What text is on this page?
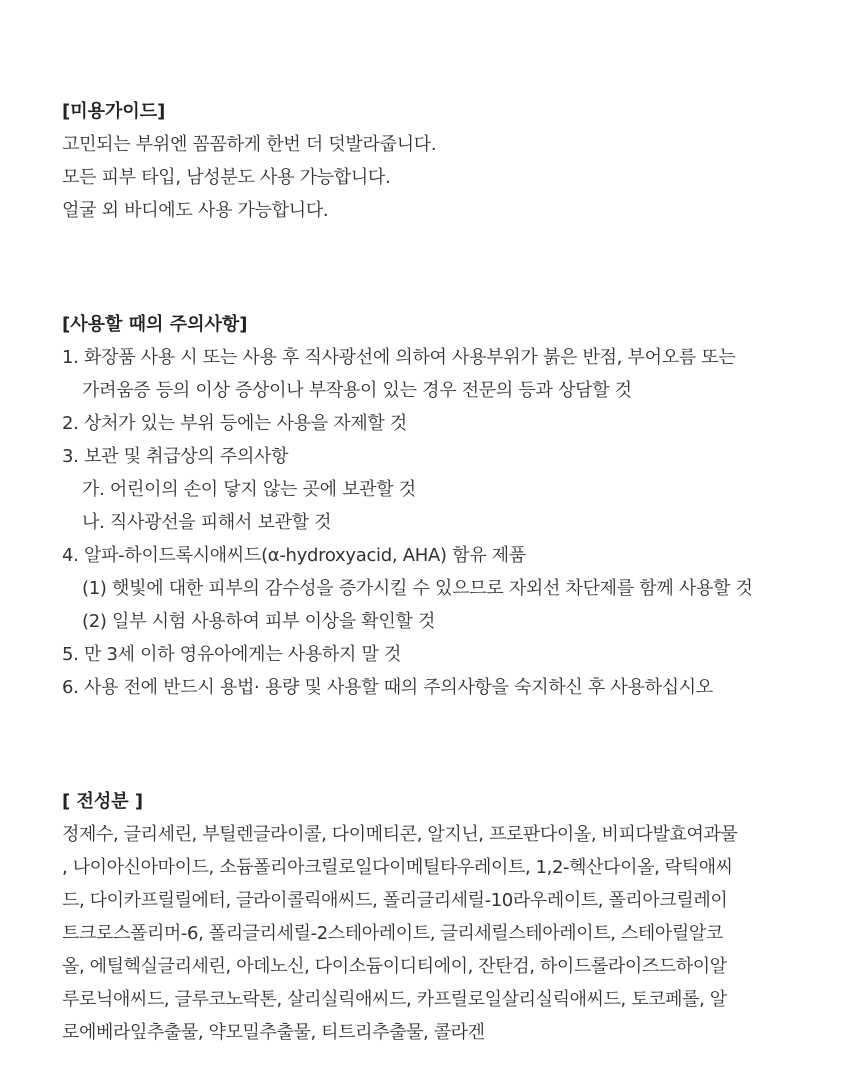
[미용가이드]
고민되는 부위엔 꼼꼼하게 한번 더 덧발라줍니다.
모든 피부 타입, 남성분도 사용 가능합니다.
얼굴 외 바디에도 사용 가능합니다.
[사용할 때의 주의사항]
1. 화장품 사용 시 또는 사용 후 직사광선에 의하여 사용부위가 붉은 반점, 부어오름 또는
가려움증 등의 이상 증상이나 부작용이 있는 경우 전문의 등과 상담할 것
2. 상처가 있는 부위 등에는 사용을 자제할 것
3. 보관 및 취급상의 주의사항
가. 어린이의 손이 닿지 않는 곳에 보관할 것
나. 직사광선을 피해서 보관할 것
4. 알파-하이드록시애씨드(α-hydroxyacid, AHA) 함유 제품
(1) 햇빛에 대한 피부의 감수성을 증가시킬 수 있으므로 자외선 차단제를 함께 사용할 것
(2) 일부 시험 사용하여 피부 이상을 확인할 것
5. 만 3세 이하 영유아에게는 사용하지 말 것
6. 사용 전에 반드시 용법· 용량 및 사용할 때의 주의사항을 숙지하신 후 사용하십시오
[ 전성분 ]
정제수, 글리세린, 부틸렌글라이콜, 다이메티콘, 알지닌, 프로판다이올, 비피다발효여과물
, 나이아신아마이드, 소듐폴리아크릴로일다이메틸타우레이트, 1,2-헥산다이올, 락틱애씨
드, 다이카프릴릴에터, 글라이콜릭애씨드, 폴리글리세릴-10라우레이트, 폴리아크릴레이
트크로스폴리머-6, 폴리글리세릴-2스테아레이트, 글리세릴스테아레이트, 스테아릴알코
올, 에틸헥실글리세린, 아데노신, 다이소듐이디티에이, 잔탄검, 하이드롤라이즈드하이알
루로닉애씨드, 글루코노락톤, 살리실릭애씨드, 카프릴로일살리실릭애씨드, 토코페롤, 알
로에베라잎추출물, 약모밀추출물, 티트리추출물, 콜라겐
